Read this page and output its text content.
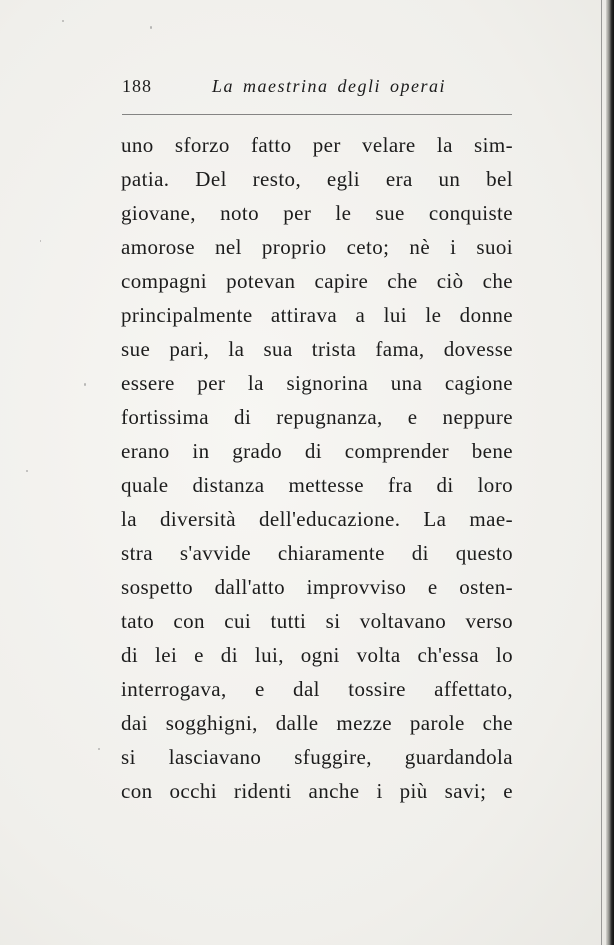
188	La maestrina degli operai
uno sforzo fatto per velare la sim-
patia. Del resto, egli era un bel
giovane, noto per le sue conquiste
amorose nel proprio ceto; nè i suoi
compagni potevan capire che ciò che
principalmente attirava a lui le donne
sue pari, la sua trista fama, dovesse
essere per la signorina una cagione
fortissima di repugnanza, e neppure
erano in grado di comprender bene
quale distanza mettesse fra di loro
la diversità dell'educazione. La mae-
stra s'avvide chiaramente di questo
sospetto dall'atto improvviso e osten-
tato con cui tutti si voltavano verso
di lei e di lui, ogni volta ch'essa lo
interrogava, e dal tossire affettato,
dai sogghigni, dalle mezze parole che
si lasciavano sfuggire, guardandola
con occhi ridenti anche i più savi; e
